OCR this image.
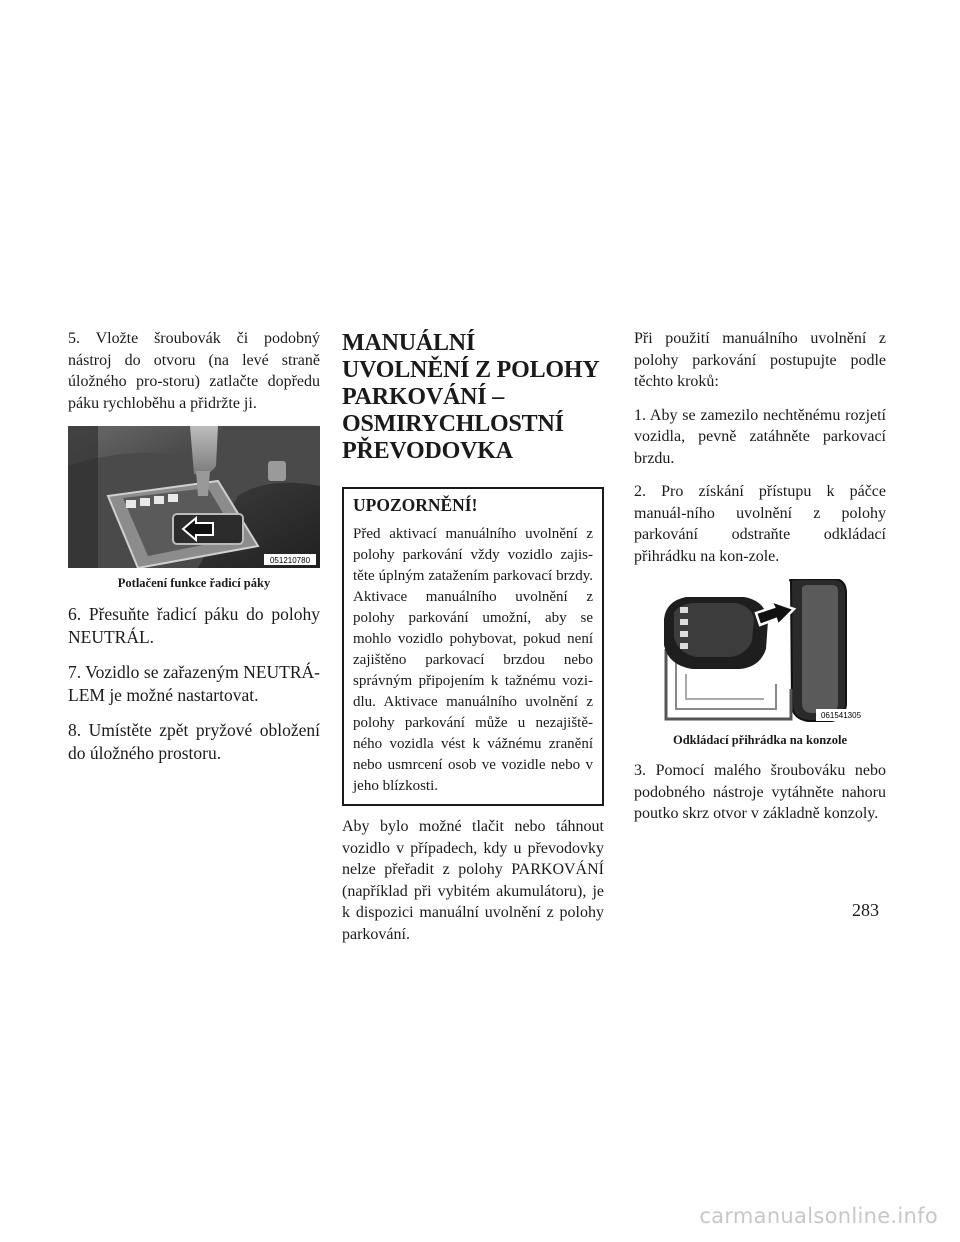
5. Vložte šroubovák či podobný nástroj do otvoru (na levé straně úložného pro-storu) zatlačte dopředu páku rychloběhu a přidržte ji.

051210780
Potlačení funkce řadicí páky

6. Přesuňte řadicí páku do polohy NEUTRÁL.

7. Vozidlo se zařazeným NEUTRÁ-LEM je možné nastartovat.

8. Umístěte zpět pryžové obložení do úložného prostoru.

MANUÁLNÍ UVOLNĚNÍ Z POLOHY PARKOVÁNÍ – OSMIRYCHLOSTNÍ PŘEVODOVKA
UPOZORNĚNÍ!

Před aktivací manuálního uvolnění z polohy parkování vždy vozidlo zajis-těte úplným zatažením parkovací brzdy. Aktivace manuálního uvolnění z polohy parkování umožní, aby se mohlo vozidlo pohybovat, pokud není zajištěno parkovací brzdou nebo správným připojením k tažnému vozi-dlu. Aktivace manuálního uvolnění z polohy parkování může u nezajiště-ného vozidla vést k vážnému zranění nebo usmrcení osob ve vozidle nebo v jeho blízkosti.

Aby bylo možné tlačit nebo táhnout vozidlo v případech, kdy u převodovky nelze přeřadit z polohy PARKOVÁNÍ (například při vybitém akumulátoru), je k dispozici manuální uvolnění z polohy parkování.

Při použití manuálního uvolnění z polohy parkování postupujte podle těchto kroků:

1. Aby se zamezilo nechtěnému rozjetí vozidla, pevně zatáhněte parkovací brzdu.

2. Pro získání přístupu k páčce manuál-ního uvolnění z polohy parkování odstraňte odkládací přihrádku na kon-zole.

061541305
Odkládací přihrádka na konzole

3. Pomocí malého šroubováku nebo podobného nástroje vytáhněte nahoru poutko skrz otvor v základně konzoly.

283
carmanualsonline.info
